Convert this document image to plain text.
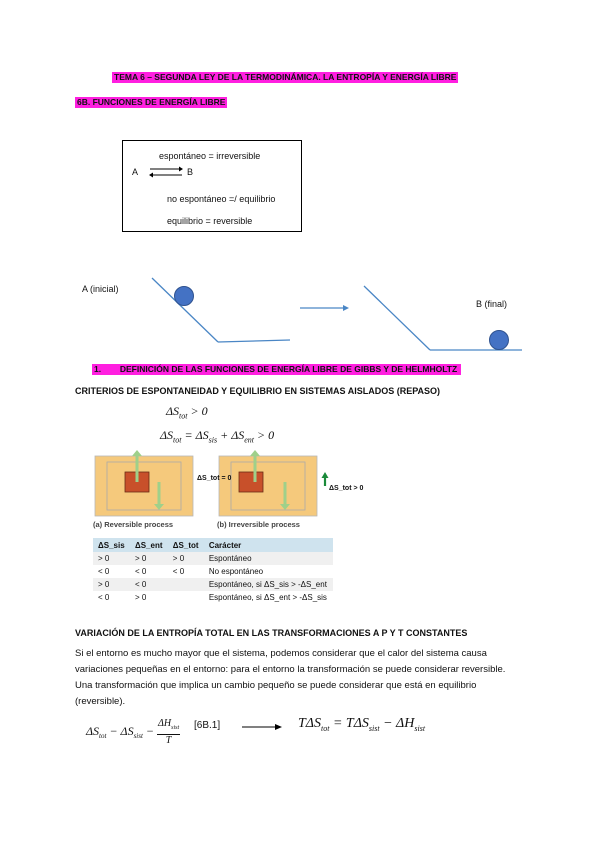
TEMA 6 – SEGUNDA LEY DE LA TERMODINÁMICA. LA ENTROPÍA Y ENERGÍA LIBRE
6B. FUNCIONES DE ENERGÍA LIBRE
espontáneo = irreversible
A ⇌ B
no espontáneo =/ equilibrio
equilibrio = reversible
A (inicial)
B (final)
1. DEFINICIÓN DE LAS FUNCIONES DE ENERGÍA LIBRE DE GIBBS Y DE HELMHOLTZ
CRITERIOS DE ESPONTANEIDAD Y EQUILIBRIO EN SISTEMAS AISLADOS (REPASO)
$\Delta S_{tot} > 0$
$\Delta S_{tot} = \Delta S_{sis} + \Delta S_{ent} > 0$
ΔS_tot = 0
ΔS_tot > 0
(a) Reversible process	(b) Irreversible process
ΔS_sis	ΔS_ent	ΔS_tot	Carácter
> 0	> 0	> 0	Espontáneo
< 0	< 0	< 0	No espontáneo
> 0	< 0		Espontáneo, si ΔS_sis > -ΔS_ent
< 0	> 0		Espontáneo, si ΔS_ent > -ΔS_sis
VARIACIÓN DE LA ENTROPÍA TOTAL EN LAS TRANSFORMACIONES A P Y T CONSTANTES
Si el entorno es mucho mayor que el sistema, podemos considerar que el calor del sistema causa variaciones pequeñas en el entorno: para el entorno la transformación se puede considerar reversible. Una transformación que implica un cambio pequeño se puede considerar que está en equilibrio (reversible).
$\Delta S_{tot} - \Delta S_{sist}$ −
$\Delta H_{sist}$
T
[6B.1]	$T\Delta S_{tot} = T\Delta S_{sist} - \Delta H_{sist}$
